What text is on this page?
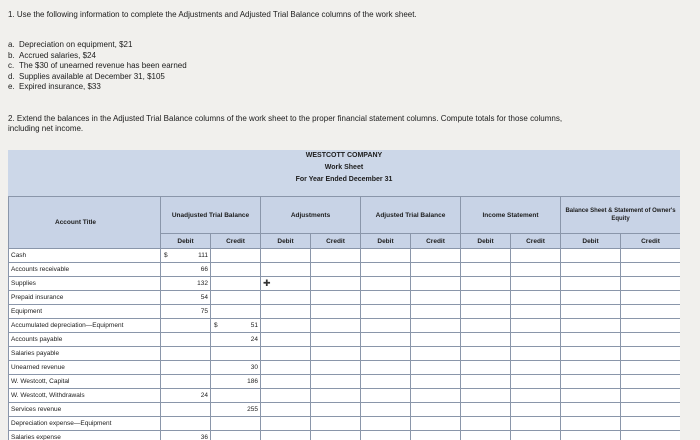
1. Use the following information to complete the Adjustments and Adjusted Trial Balance columns of the work sheet.
a. Depreciation on equipment, $21
b. Accrued salaries, $24
c. The $30 of unearned revenue has been earned
d. Supplies available at December 31, $105
e. Expired insurance, $33
2. Extend the balances in the Adjusted Trial Balance columns of the work sheet to the proper financial statement columns. Compute totals for those columns, including net income.
WESTCOTT COMPANY
Work Sheet
For Year Ended December 31
Account Title	Unadjusted Trial Balance		Adjustments		Adjusted Trial Balance		Income Statement		Balance Sheet & Statement of Owner's Equity	
	Debit	Credit	Debit	Credit	Debit	Credit	Debit	Credit	Debit	Credit
Cash	$ 111									
Accounts receivable	66									
Supplies	132		✚							
Prepaid insurance	54									
Equipment	75									
Accumulated depreciation—Equipment		$ 51								
Accounts payable		24								
Salaries payable										
Unearned revenue		30								
W. Westcott, Capital		186								
W. Westcott, Withdrawals	24									
Services revenue		255								
Depreciation expense—Equipment										
Salaries expense	36									
